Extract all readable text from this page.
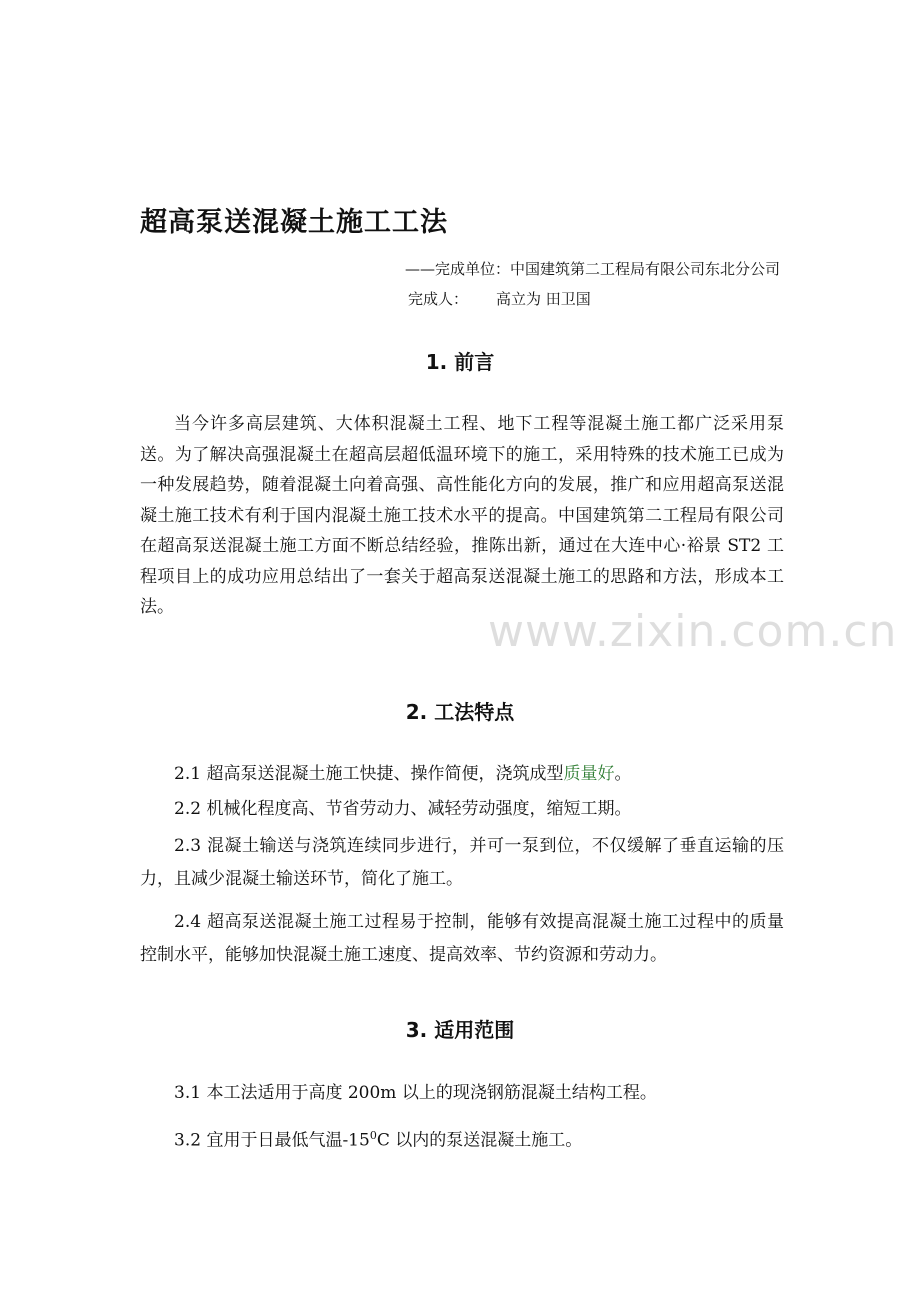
超高泵送混凝土施工工法
——完成单位：中国建筑第二工程局有限公司东北分公司
完成人： 高立为 田卫国
1. 前言

当今许多高层建筑、大体积混凝土工程、地下工程等混凝土施工都广泛采用泵送。为了解决高强混凝土在超高层超低温环境下的施工，采用特殊的技术施工已成为一种发展趋势，随着混凝土向着高强、高性能化方向的发展，推广和应用超高泵送混凝土施工技术有利于国内混凝土施工技术水平的提高。中国建筑第二工程局有限公司在超高泵送混凝土施工方面不断总结经验，推陈出新，通过在大连中心·裕景 ST2 工程项目上的成功应用总结出了一套关于超高泵送混凝土施工的思路和方法，形成本工法。	www.zixin.com.cn
2. 工法特点

2.1 超高泵送混凝土施工快捷、操作简便，浇筑成型质量好。

2.2 机械化程度高、节省劳动力、减轻劳动强度，缩短工期。

2.3 混凝土输送与浇筑连续同步进行，并可一泵到位，不仅缓解了垂直运输的压力，且减少混凝土输送环节，简化了施工。

2.4 超高泵送混凝土施工过程易于控制，能够有效提高混凝土施工过程中的质量控制水平，能够加快混凝土施工速度、提高效率、节约资源和劳动力。

3. 适用范围

3.1 本工法适用于高度 200m 以上的现浇钢筋混凝土结构工程。

3.2 宜用于日最低气温$-15^0C$ 以内的泵送混凝土施工。
